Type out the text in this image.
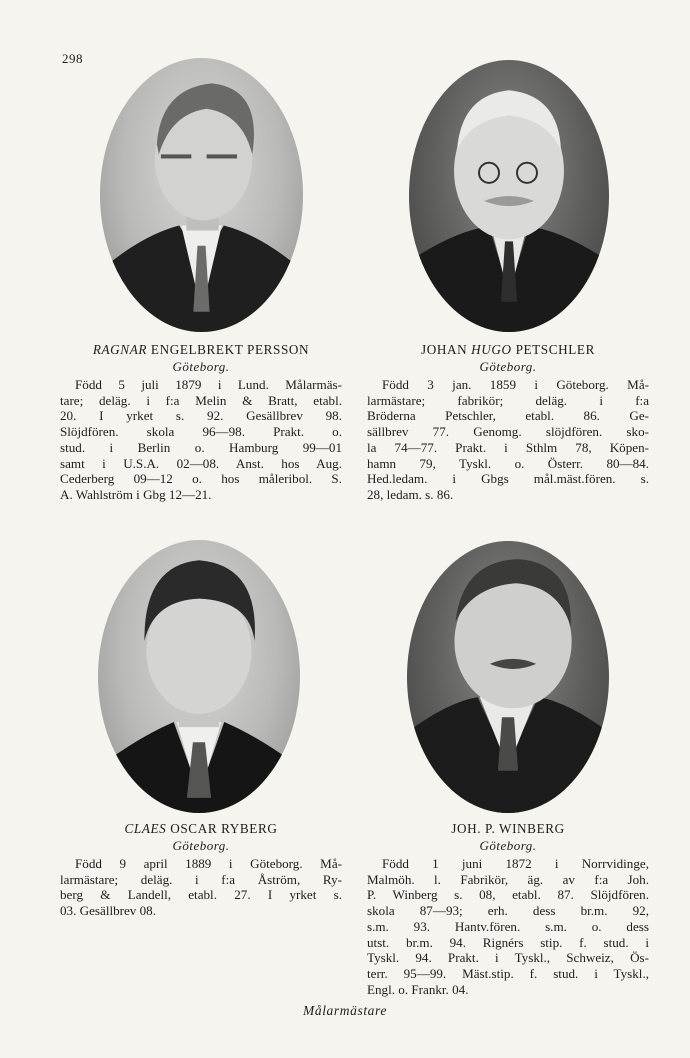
298
RAGNAR ENGELBREKT PERSSON
Göteborg.
Född 5 juli 1879 i Lund. Målarmäs-
tare; deläg. i f:a Melin & Bratt, etabl.
20. I yrket s. 92. Gesällbrev 98.
Slöjdfören. skola 96—98. Prakt. o.
stud. i Berlin o. Hamburg 99—01
samt i U.S.A. 02—08. Anst. hos Aug.
Cederberg 09—12 o. hos måleribol. S.
A. Wahlström i Gbg 12—21.
JOHAN HUGO PETSCHLER
Göteborg.
Född 3 jan. 1859 i Göteborg. Må-
larmästare; fabrikör; deläg. i f:a
Bröderna Petschler, etabl. 86. Ge-
sällbrev 77. Genomg. slöjdfören. sko-
la 74—77. Prakt. i Sthlm 78, Köpen-
hamn 79, Tyskl. o. Österr. 80—84.
Hed.ledam. i Gbgs mål.mäst.fören. s.
28, ledam. s. 86.
CLAES OSCAR RYBERG
Göteborg.
Född 9 april 1889 i Göteborg. Må-
larmästare; deläg. i f:a Åström, Ry-
berg & Landell, etabl. 27. I yrket s.
03. Gesällbrev 08.
JOH. P. WINBERG
Göteborg.
Född 1 juni 1872 i Norrvidinge,
Malmöh. l. Fabrikör, äg. av f:a Joh.
P. Winberg s. 08, etabl. 87. Slöjdfören.
skola 87—93; erh. dess br.m. 92,
s.m. 93. Hantv.fören. s.m. o. dess
utst. br.m. 94. Rignérs stip. f. stud. i
Tyskl. 94. Prakt. i Tyskl., Schweiz, Ös-
terr. 95—99. Mäst.stip. f. stud. i Tyskl.,
Engl. o. Frankr. 04.
Målarmästare
